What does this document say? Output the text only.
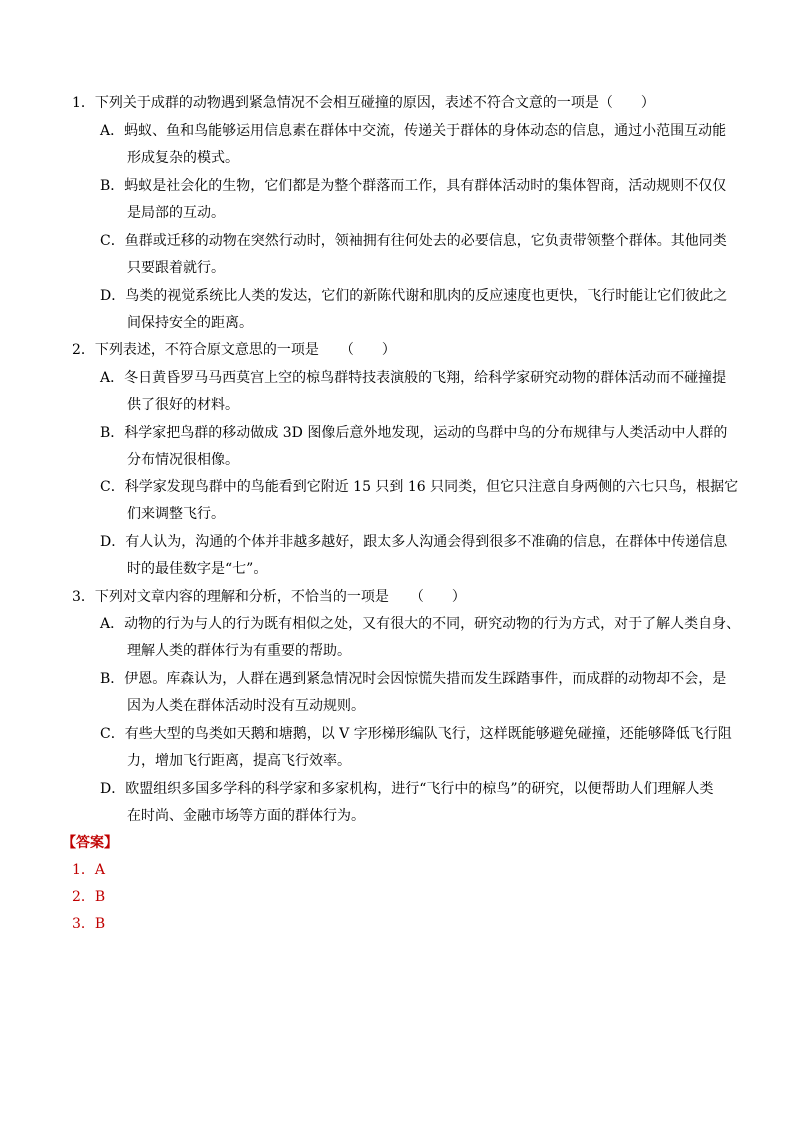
1．下列关于成群的动物遇到紧急情况不会相互碰撞的原因，表述不符合文意的一项是（　　）
A．蚂蚁、鱼和鸟能够运用信息素在群体中交流，传递关于群体的身体动态的信息，通过小范围互动能
形成复杂的模式。
B．蚂蚁是社会化的生物，它们都是为整个群落而工作，具有群体活动时的集体智商，活动规则不仅仅
是局部的互动。
C．鱼群或迁移的动物在突然行动时，领袖拥有往何处去的必要信息，它负责带领整个群体。其他同类
只要跟着就行。
D．鸟类的视觉系统比人类的发达，它们的新陈代谢和肌肉的反应速度也更快，飞行时能让它们彼此之
间保持安全的距离。
2．下列表述，不符合原文意思的一项是　　（　　）
A．冬日黄昏罗马马西莫宫上空的椋鸟群特技表演般的飞翔，给科学家研究动物的群体活动而不碰撞提
供了很好的材料。
B．科学家把鸟群的移动做成 3D 图像后意外地发现，运动的鸟群中鸟的分布规律与人类活动中人群的
分布情况很相像。
C．科学家发现鸟群中的鸟能看到它附近 15 只到 16 只同类，但它只注意自身两侧的六七只鸟，根据它
们来调整飞行。
D．有人认为，沟通的个体并非越多越好，跟太多人沟通会得到很多不准确的信息，在群体中传递信息
时的最佳数字是“七”。
3．下列对文章内容的理解和分析，不恰当的一项是　　（　　）
A．动物的行为与人的行为既有相似之处，又有很大的不同，研究动物的行为方式，对于了解人类自身、
理解人类的群体行为有重要的帮助。
B．伊恩。库森认为，人群在遇到紧急情况时会因惊慌失措而发生踩踏事件，而成群的动物却不会，是
因为人类在群体活动时没有互动规则。
C．有些大型的鸟类如天鹅和塘鹅，以 V 字形梯形编队飞行，这样既能够避免碰撞，还能够降低飞行阻
力，增加飞行距离，提高飞行效率。
D．欧盟组织多国多学科的科学家和多家机构，进行“飞行中的椋鸟”的研究，以便帮助人们理解人类
在时尚、金融市场等方面的群体行为。
【答案】
1．A
2．B
3．B
